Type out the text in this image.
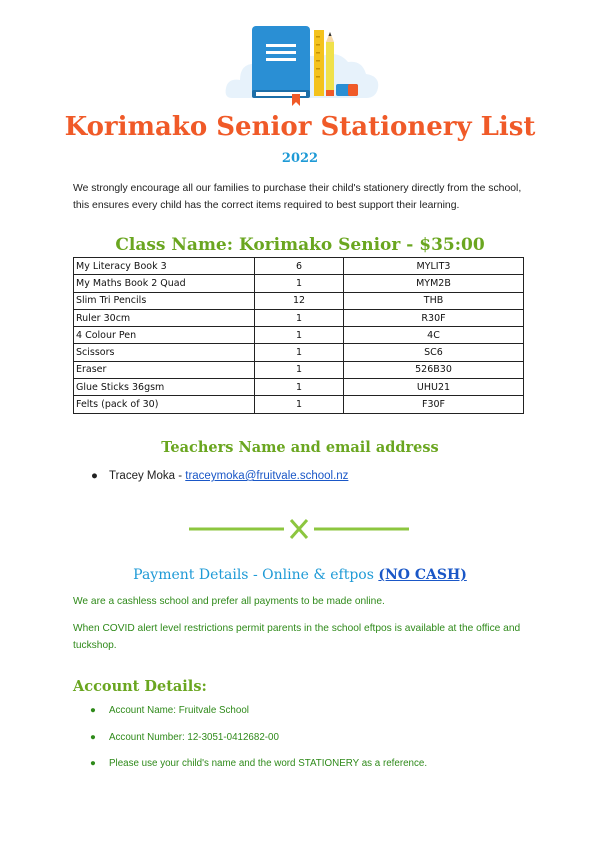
Korimako Senior Stationery List
2022
We strongly encourage all our families to purchase their child's stationery directly from the school, this ensures every child has the correct items required to best support their learning.
Class Name: Korimako Senior - $35:00
My Literacy Book 3	6	MYLIT3
My Maths Book 2 Quad	1	MYM2B
Slim Tri Pencils	12	THB
Ruler 30cm	1	R30F
4 Colour Pen	1	4C
Scissors	1	SC6
Eraser	1	526B30
Glue Sticks 36gsm	1	UHU21
Felts (pack of 30)	1	F30F
Teachers Name and email address
● Tracey Moka - traceymoka@fruitvale.school.nz
Payment Details - Online & eftpos (NO CASH)
We are a cashless school and prefer all payments to be made online.
When COVID alert level restrictions permit parents in the school eftpos is available at the office and tuckshop.
Account Details:
● Account Name: Fruitvale School
● Account Number: 12-3051-0412682-00
● Please use your child's name and the word STATIONERY as a reference.
